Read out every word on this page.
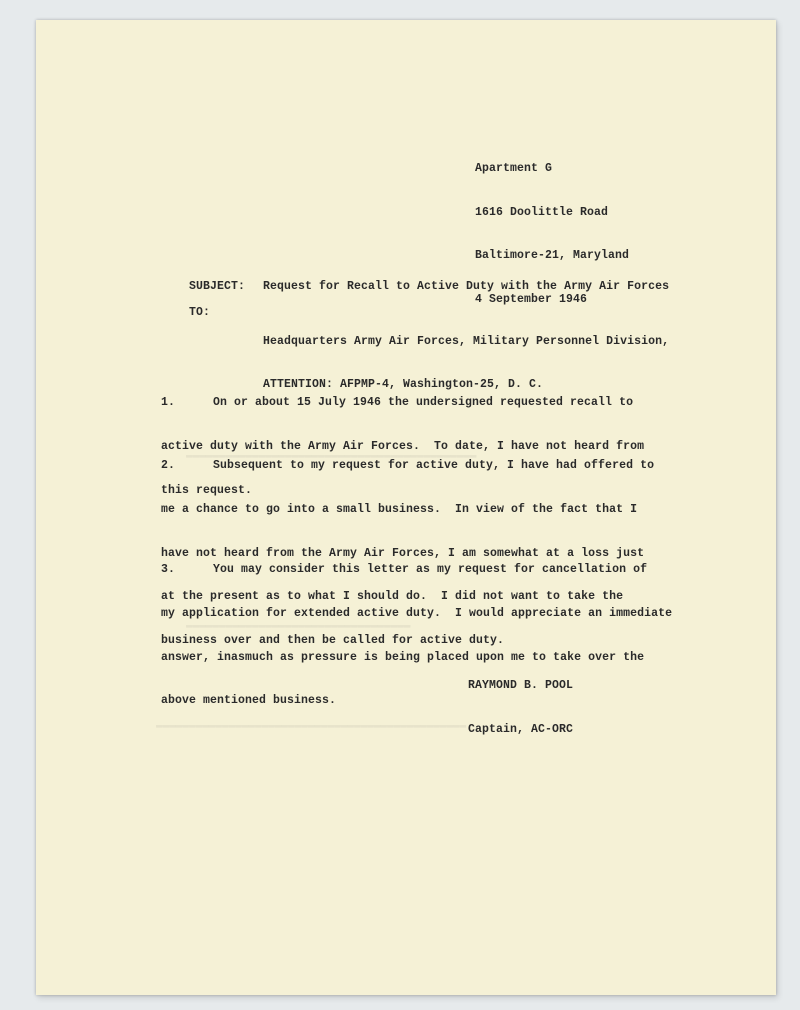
▬▬▬▬▬▬▬▬▬▬▬▬▬▬▬▬▬▬▬▬▬▬▬▬▬▬▬▬▬▬▬▬▬▬▬▬▬▬▬▬▬▬▬▬
▬▬▬▬▬▬▬▬▬▬▬▬▬▬▬▬▬▬▬▬▬▬▬▬▬▬▬▬▬▬▬▬▬▬
▬▬▬▬▬▬▬▬▬▬▬▬▬▬▬▬▬▬▬▬▬▬▬▬▬▬▬▬▬▬▬▬▬▬▬▬▬▬▬▬▬▬▬▬▬▬▬

Apartment G

1616 Doolittle Road

Baltimore-21, Maryland

4 September 1946

SUBJECT: Request for Recall to Active Duty with the Army Air Forces

TO:

Headquarters Army Air Forces, Military Personnel Division,

ATTENTION: AFPMP-4, Washington-25, D. C.

1.	On or about 15 July 1946 the undersigned requested recall to

active duty with the Army Air Forces.  To date, I have not heard from

this request.

2.	Subsequent to my request for active duty, I have had offered to

me a chance to go into a small business.  In view of the fact that I

have not heard from the Army Air Forces, I am somewhat at a loss just

at the present as to what I should do.  I did not want to take the

business over and then be called for active duty.

3.	You may consider this letter as my request for cancellation of

my application for extended active duty.  I would appreciate an immediate

answer, inasmuch as pressure is being placed upon me to take over the

above mentioned business.

RAYMOND B. POOL

Captain, AC-ORC
